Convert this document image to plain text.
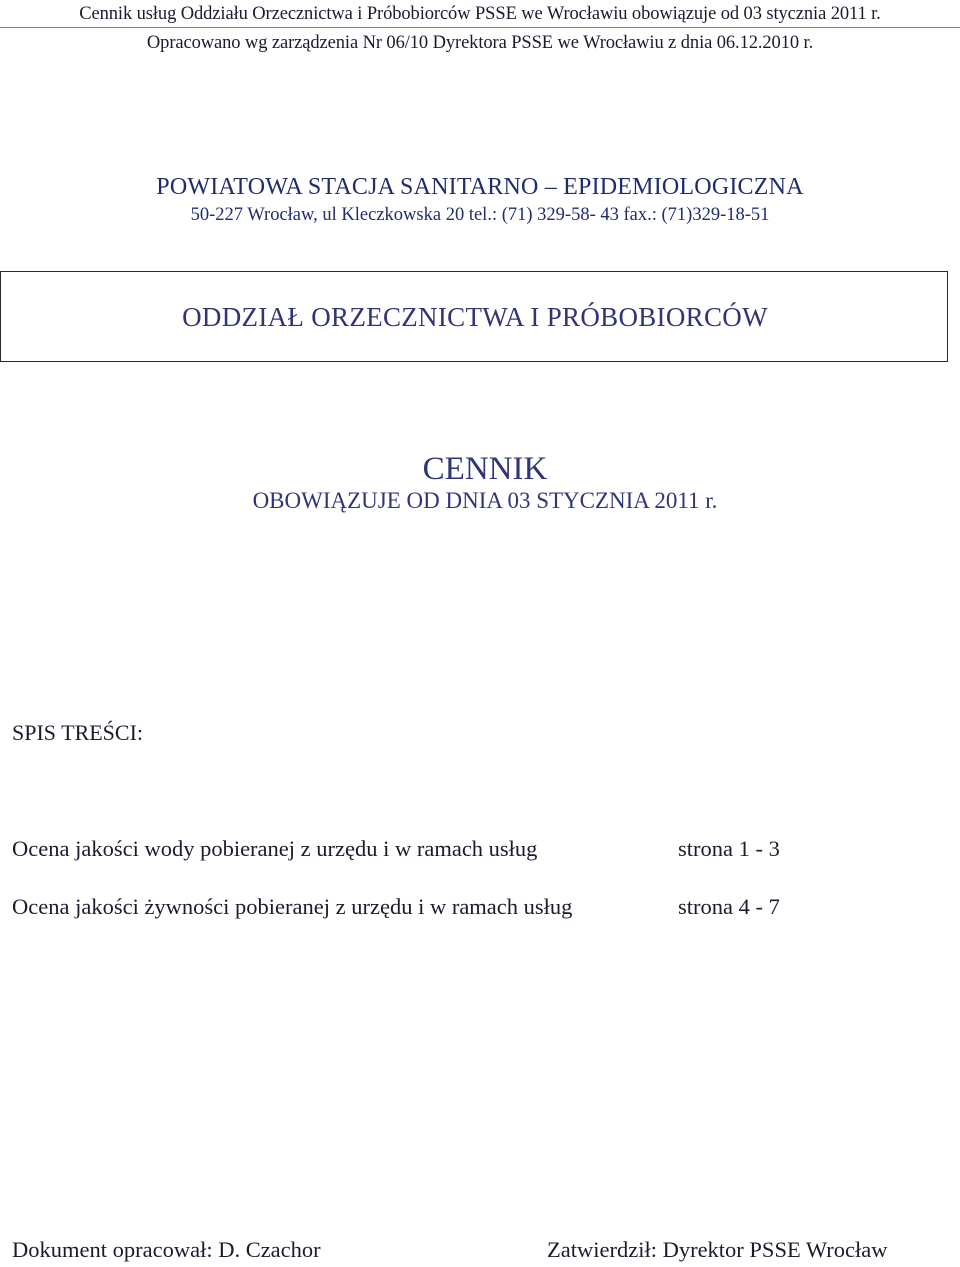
Cennik usług Oddziału Orzecznictwa i Próbobiorców PSSE we Wrocławiu obowiązuje od 03 stycznia 2011 r.
Opracowano wg zarządzenia Nr 06/10 Dyrektora PSSE we Wrocławiu z dnia 06.12.2010 r.
POWIATOWA STACJA SANITARNO – EPIDEMIOLOGICZNA
50-227 Wrocław, ul Kleczkowska 20 tel.: (71) 329-58- 43 fax.: (71)329-18-51
ODDZIAŁ ORZECZNICTWA I PRÓBOBIORCÓW
CENNIK
OBOWIĄZUJE OD DNIA 03 STYCZNIA 2011 r.
SPIS TREŚCI:
Ocena jakości wody pobieranej z urzędu i w ramach usług	strona 1 - 3
Ocena jakości żywności pobieranej z urzędu i w ramach usług	strona 4 - 7
Dokument opracował: D. Czachor	Zatwierdził: Dyrektor PSSE Wrocław
